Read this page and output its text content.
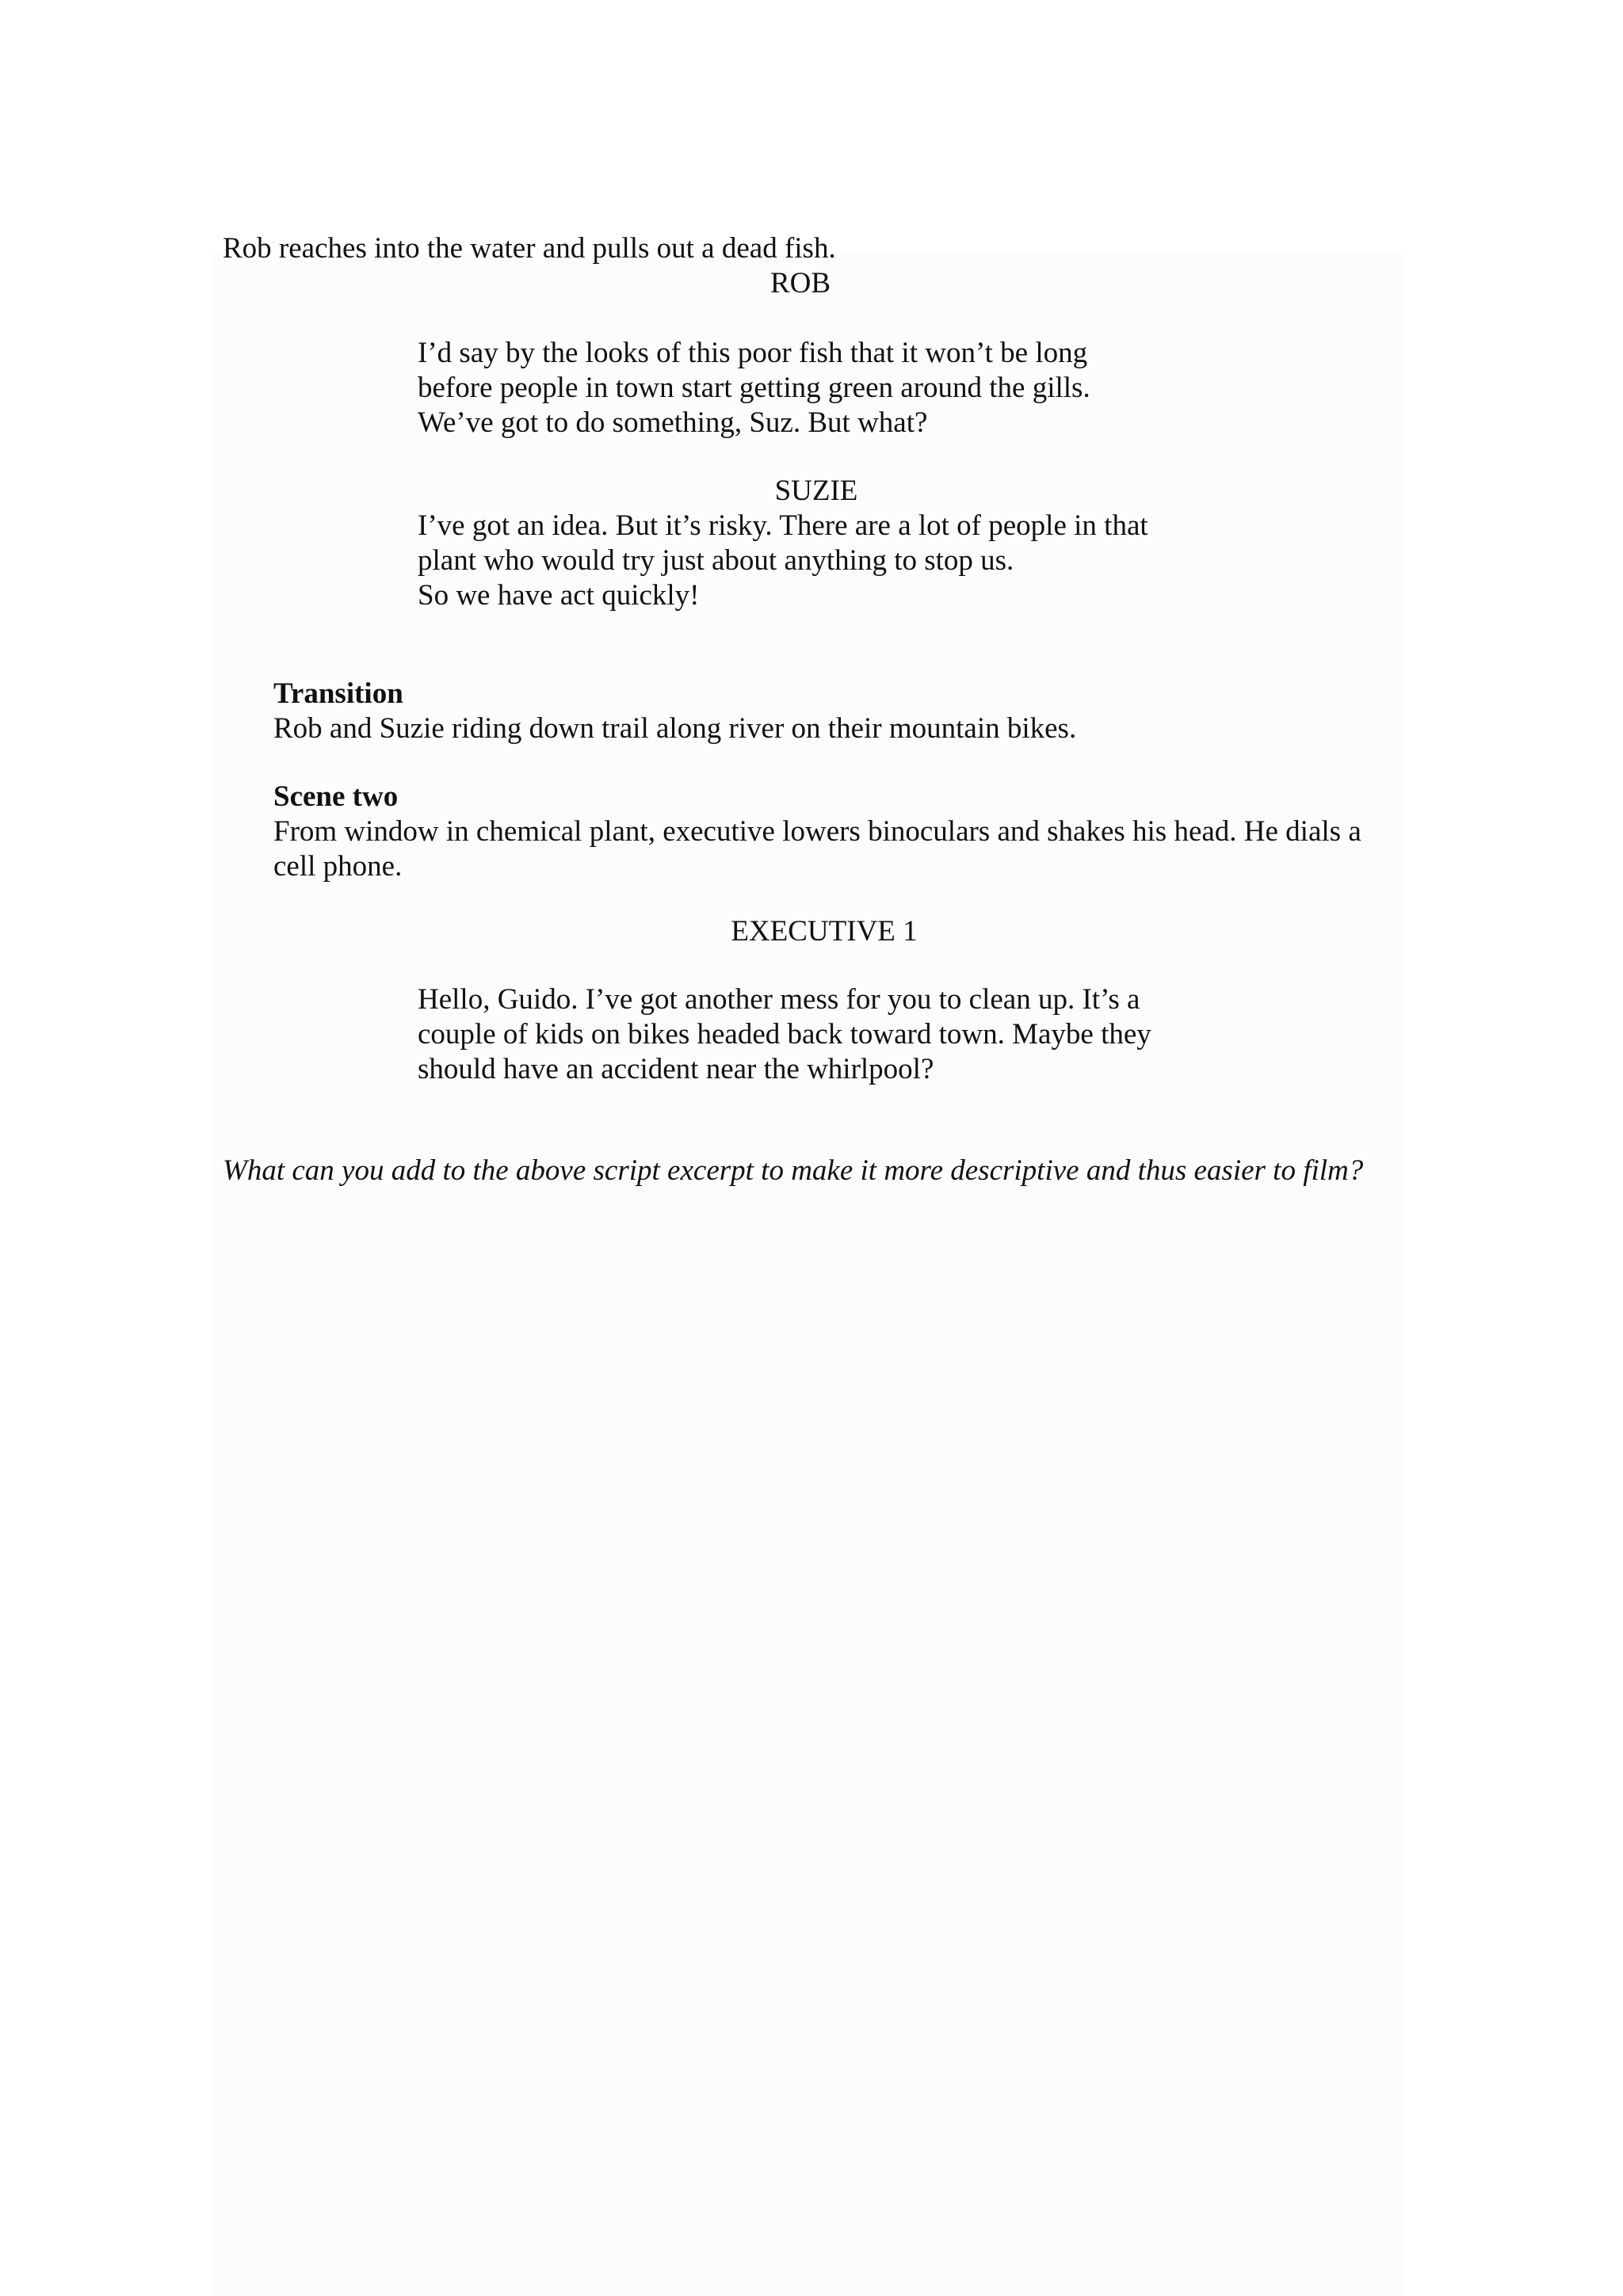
Rob reaches into the water and pulls out a dead fish.
ROB
I’d say by the looks of this poor fish that it won’t be long
before people in town start getting green around the gills.
We’ve got to do something, Suz. But what?
SUZIE
I’ve got an idea. But it’s risky. There are a lot of people in that
plant who would try just about anything to stop us.
So we have act quickly!
Transition
Rob and Suzie riding down trail along river on their mountain bikes.
Scene two
From window in chemical plant, executive lowers binoculars and shakes his head. He dials a
cell phone.
EXECUTIVE 1
Hello, Guido. I’ve got another mess for you to clean up. It’s a
couple of kids on bikes headed back toward town. Maybe they
should have an accident near the whirlpool?
What can you add to the above script excerpt to make it more descriptive and thus easier to film?
